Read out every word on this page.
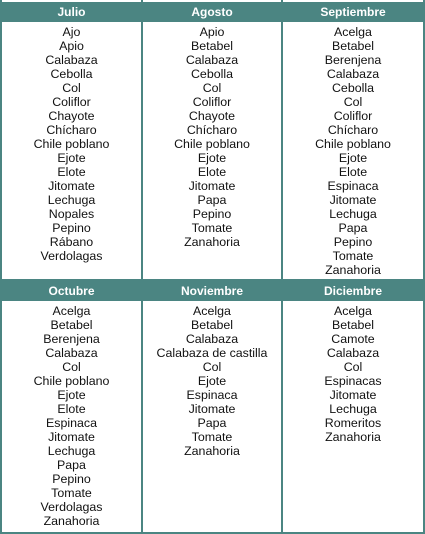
Julio
Ajo
Apio
Calabaza
Cebolla
Col
Coliflor
Chayote
Chícharo
Chile poblano
Ejote
Elote
Jitomate
Lechuga
Nopales
Pepino
Rábano
Verdolagas
Agosto
Apio
Betabel
Calabaza
Cebolla
Col
Coliflor
Chayote
Chícharo
Chile poblano
Ejote
Elote
Jitomate
Papa
Pepino
Tomate
Zanahoria
Septiembre
Acelga
Betabel
Berenjena
Calabaza
Cebolla
Col
Coliflor
Chícharo
Chile poblano
Ejote
Elote
Espinaca
Jitomate
Lechuga
Papa
Pepino
Tomate
Zanahoria
Octubre
Acelga
Betabel
Berenjena
Calabaza
Col
Chile poblano
Ejote
Elote
Espinaca
Jitomate
Lechuga
Papa
Pepino
Tomate
Verdolagas
Zanahoria
Noviembre
Acelga
Betabel
Calabaza
Calabaza de castilla
Col
Ejote
Espinaca
Jitomate
Papa
Tomate
Zanahoria
Diciembre
Acelga
Betabel
Camote
Calabaza
Col
Espinacas
Jitomate
Lechuga
Romeritos
Zanahoria
